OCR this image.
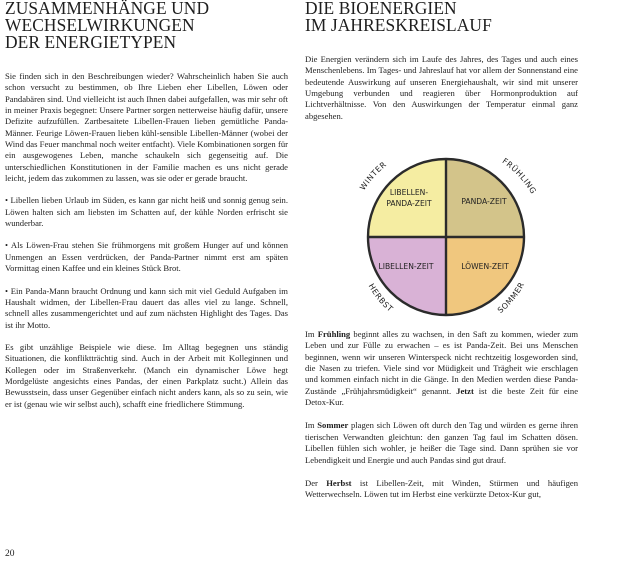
ZUSAMMENHÄNGE UND
WECHSELWIRKUNGEN
DER ENERGIETYPEN

Sie finden sich in den Beschreibungen wieder? Wahrscheinlich haben Sie auch schon versucht zu bestimmen, ob Ihre Lieben eher Libellen, Löwen oder Pandabären sind. Und vielleicht ist auch Ihnen dabei aufgefallen, was mir sehr oft in meiner Praxis begegnet: Unsere Partner sorgen netterweise häufig dafür, unsere Defizite aufzufüllen. Zartbesaitete Libellen-Frauen lieben gemütliche Panda-Männer. Feurige Löwen-Frauen lieben kühl-sensible Libellen-Männer (wobei der Wind das Feuer manchmal noch weiter entfacht). Viele Kombinationen sorgen für ein ausgewogenes Leben, manche schaukeln sich gegenseitig auf. Die unterschiedlichen Konstitutionen in der Familie machen es uns nicht gerade leicht, jedem das zukommen zu lassen, was sie oder er gerade braucht.

• Libellen lieben Urlaub im Süden, es kann gar nicht heiß und sonnig genug sein. Löwen halten sich am liebsten im Schatten auf, der kühle Norden erfrischt sie wunderbar.

• Als Löwen-Frau stehen Sie frühmorgens mit großem Hunger auf und können Unmengen an Essen verdrücken, der Panda-Partner nimmt erst am späten Vormittag einen Kaffee und ein kleines Stück Brot.

• Ein Panda-Mann braucht Ordnung und kann sich mit viel Geduld Aufgaben im Haushalt widmen, der Libellen-Frau dauert das alles viel zu lange. Schnell, schnell alles zusammengerichtet und auf zum nächsten Highlight des Tages. Das ist ihr Motto.

Es gibt unzählige Beispiele wie diese. Im Alltag begegnen uns ständig Situationen, die konfliktträchtig sind. Auch in der Arbeit mit Kolleginnen und Kollegen oder im Straßenverkehr. (Manch ein dynamischer Löwe hegt Mordgelüste angesichts eines Pandas, der einen Parkplatz sucht.) Allein das Bewusstsein, dass unser Gegenüber einfach nicht anders kann, als so zu sein, wie er ist (genau wie wir selbst auch), schafft eine friedlichere Stimmung.

20
DIE BIOENERGIEN
IM JAHRESKREISLAUF

Die Energien verändern sich im Laufe des Jahres, des Tages und auch eines Menschenlebens. Im Tages- und Jahreslauf hat vor allem der Sonnenstand eine bedeutende Auswirkung auf unseren Energiehaushalt, wir sind mit unserer Umgebung verbunden und reagieren über Hormonproduktion auf Lichtverhältnisse. Von den Auswirkungen der Temperatur einmal ganz abgesehen.

Im Frühling beginnt alles zu wachsen, in den Saft zu kommen, wieder zum Leben und zur Fülle zu erwachen – es ist Panda-Zeit. Bei uns Menschen beginnen, wenn wir unseren Winterspeck nicht rechtzeitig losgeworden sind, die Nasen zu triefen. Viele sind vor Müdigkeit und Trägheit wie erschlagen und kommen einfach nicht in die Gänge. In den Medien werden diese Panda-Zustände „Frühjahrsmüdigkeit“ genannt. Jetzt ist die beste Zeit für eine Detox-Kur.

Im Sommer plagen sich Löwen oft durch den Tag und würden es gerne ihren tierischen Verwandten gleichtun: den ganzen Tag faul im Schatten dösen. Libellen fühlen sich wohler, je heißer die Tage sind. Dann sprühen sie vor Lebendigkeit und Energie und auch Pandas sind gut drauf.

Der Herbst ist Libellen-Zeit, mit Winden, Stürmen und häufigen Wetterwechseln. Löwen tut im Herbst eine verkürzte Detox-Kur gut,

LIBELLEN-
PANDA-ZEIT	PANDA-ZEIT
LIBELLEN-ZEIT	LÖWEN-ZEIT
WINTER	FRÜHLING
HERBST	SOMMER
